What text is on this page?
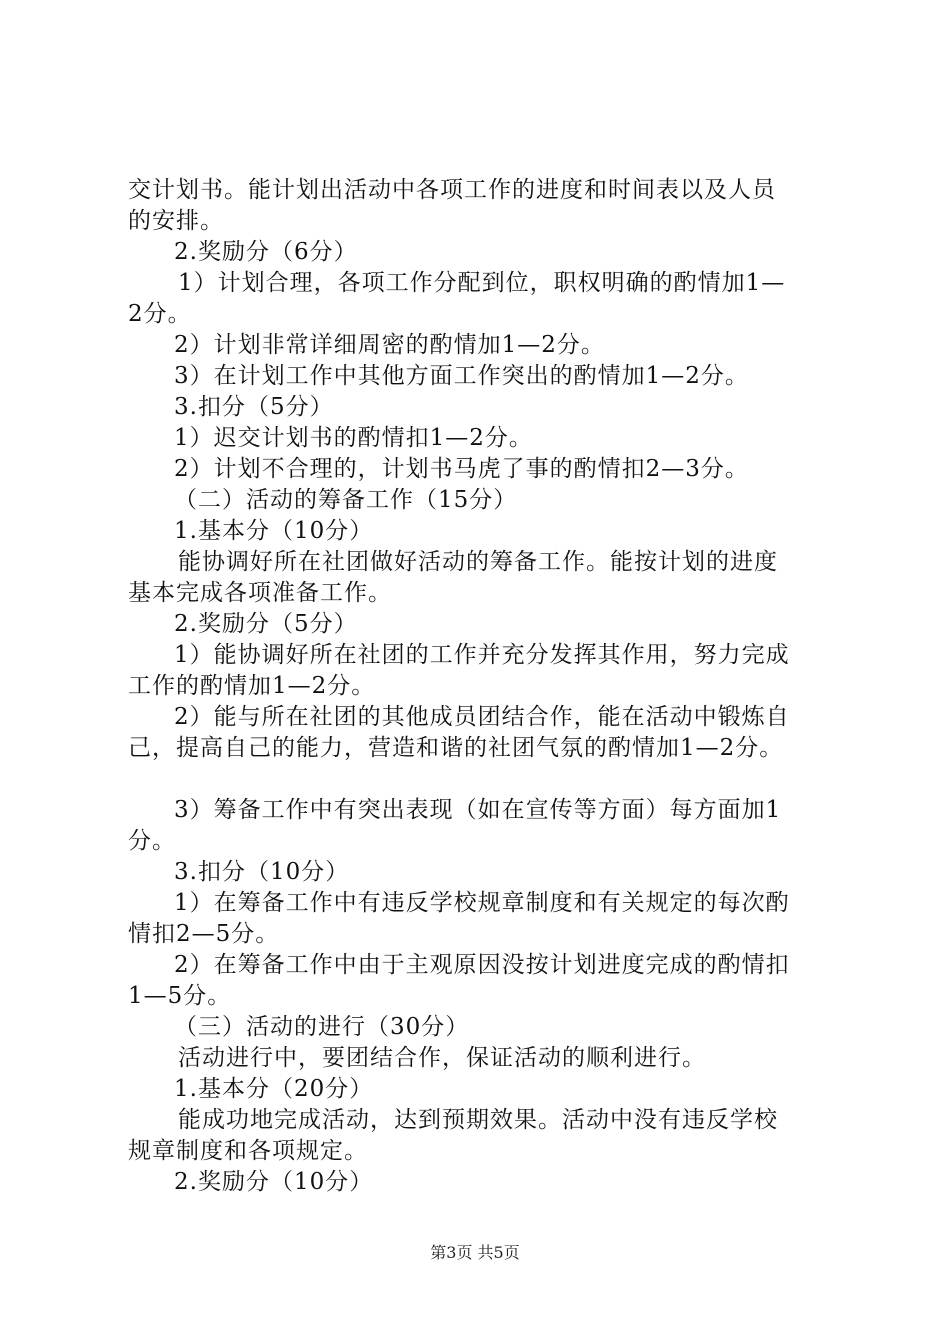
交计划书。能计划出活动中各项工作的进度和时间表以及人员
的安排。
2.奖励分（6分）
1）计划合理，各项工作分配到位，职权明确的酌情加1—
2分。
2）计划非常详细周密的酌情加1—2分。
3）在计划工作中其他方面工作突出的酌情加1—2分。
3.扣分（5分）
1）迟交计划书的酌情扣1—2分。
2）计划不合理的，计划书马虎了事的酌情扣2—3分。
（二）活动的筹备工作（15分）
1.基本分（10分）
能协调好所在社团做好活动的筹备工作。能按计划的进度
基本完成各项准备工作。
2.奖励分（5分）
1）能协调好所在社团的工作并充分发挥其作用，努力完成
工作的酌情加1—2分。
2）能与所在社团的其他成员团结合作，能在活动中锻炼自
己，提高自己的能力，营造和谐的社团气氛的酌情加1—2分。
3）筹备工作中有突出表现（如在宣传等方面）每方面加1
分。
3.扣分（10分）
1）在筹备工作中有违反学校规章制度和有关规定的每次酌
情扣2—5分。
2）在筹备工作中由于主观原因没按计划进度完成的酌情扣
1—5分。
（三）活动的进行（30分）
活动进行中，要团结合作，保证活动的顺利进行。
1.基本分（20分）
能成功地完成活动，达到预期效果。活动中没有违反学校
规章制度和各项规定。
2.奖励分（10分）
第3页 共5页
